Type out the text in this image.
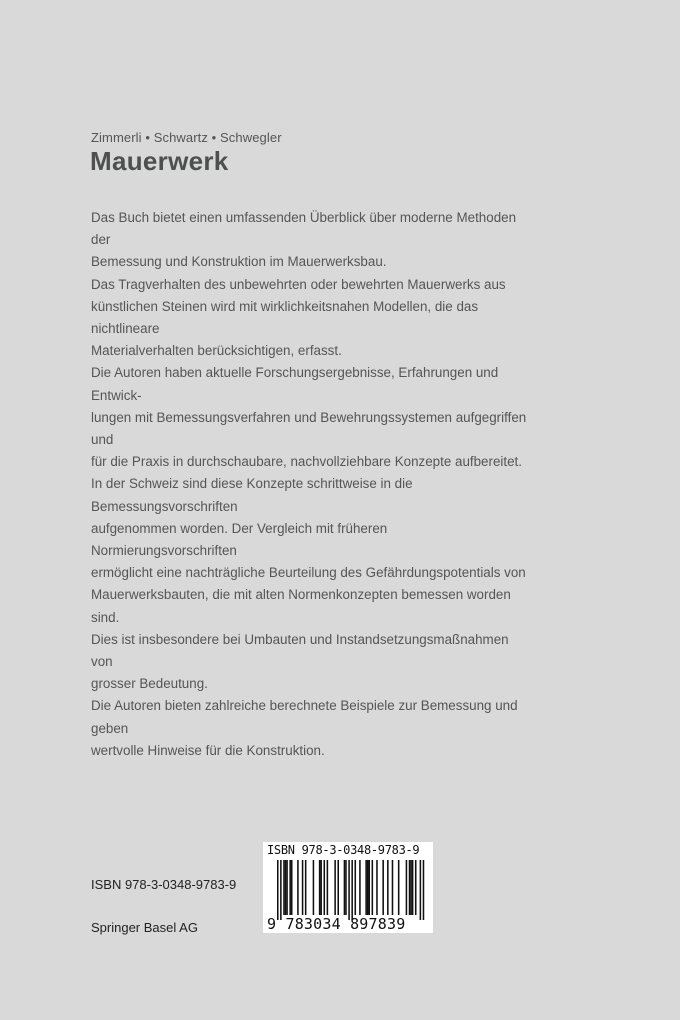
Zimmerli • Schwartz • Schwegler
Mauerwerk

Das Buch bietet einen umfassenden Überblick über moderne Methoden der

Bemessung und Konstruktion im Mauerwerksbau.

Das Tragverhalten des unbewehrten oder bewehrten Mauerwerks aus

künstlichen Steinen wird mit wirklichkeitsnahen Modellen, die das nichtlineare

Materialverhalten berücksichtigen, erfasst.

Die Autoren haben aktuelle Forschungsergebnisse, Erfahrungen und Entwick-

lungen mit Bemessungsverfahren und Bewehrungssystemen aufgegriffen und

für die Praxis in durchschaubare, nachvollziehbare Konzepte aufbereitet.

In der Schweiz sind diese Konzepte schrittweise in die Bemessungsvorschriften

aufgenommen worden. Der Vergleich mit früheren Normierungsvorschriften

ermöglicht eine nachträgliche Beurteilung des Gefährdungspotentials von

Mauerwerksbauten, die mit alten Normenkonzepten bemessen worden sind.

Dies ist insbesondere bei Umbauten und Instandsetzungsmaßnahmen von

grosser Bedeutung.

Die Autoren bieten zahlreiche berechnete Beispiele zur Bemessung und geben

wertvolle Hinweise für die Konstruktion.

ISBN 978-3-0348-9783-9
Springer Basel AG
ISBN 978-3-0348-9783-9
9 783034 897839
